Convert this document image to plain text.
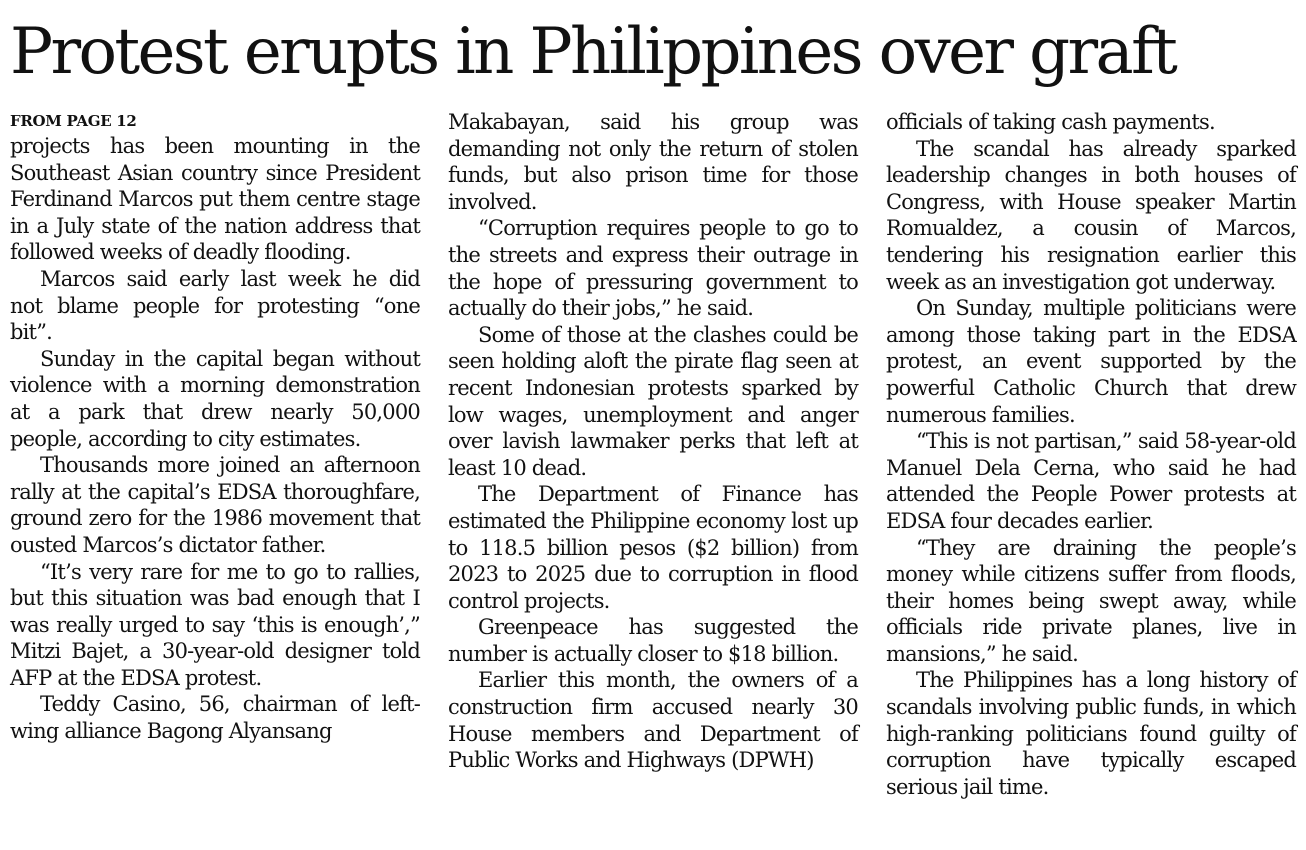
Protest erupts in Philippines over graft
FROM PAGE 12

projects has been mounting in the Southeast Asian country since President Ferdinand Marcos put them centre stage in a July state of the nation address that followed weeks of deadly flooding.

Marcos said early last week he did not blame people for protesting “one bit”.

Sunday in the capital began without violence with a morning demonstration at a park that drew nearly 50,000 people, according to city estimates.

Thousands more joined an afternoon rally at the capital’s EDSA thoroughfare, ground zero for the 1986 movement that ousted Marcos’s dictator father.

“It’s very rare for me to go to rallies, but this situation was bad enough that I was really urged to say ‘this is enough’,” Mitzi Bajet, a 30-year-old designer told AFP at the EDSA protest.

Teddy Casino, 56, chairman of left-wing alliance Bagong Alyansang

Makabayan, said his group was demanding not only the return of stolen funds, but also prison time for those involved.

“Corruption requires people to go to the streets and express their outrage in the hope of pressuring government to actually do their jobs,” he said.

Some of those at the clashes could be seen holding aloft the pirate flag seen at recent Indonesian protests sparked by low wages, unemployment and anger over lavish lawmaker perks that left at least 10 dead.

The Department of Finance has estimated the Philippine economy lost up to 118.5 billion pesos ($2 billion) from 2023 to 2025 due to corruption in flood control projects.

Greenpeace has suggested the number is actually closer to $18 billion.

Earlier this month, the owners of a construction firm accused nearly 30 House members and Department of Public Works and Highways (DPWH)

officials of taking cash payments.

The scandal has already sparked leadership changes in both houses of Congress, with House speaker Martin Romualdez, a cousin of Marcos, tendering his resignation earlier this week as an investigation got underway.

On Sunday, multiple politicians were among those taking part in the EDSA protest, an event supported by the powerful Catholic Church that drew numerous families.

“This is not partisan,” said 58-year-old Manuel Dela Cerna, who said he had attended the People Power protests at EDSA four decades earlier.

“They are draining the people’s money while citizens suffer from floods, their homes being swept away, while officials ride private planes, live in mansions,” he said.

The Philippines has a long history of scandals involving public funds, in which high-ranking politicians found guilty of corruption have typically escaped serious jail time.
